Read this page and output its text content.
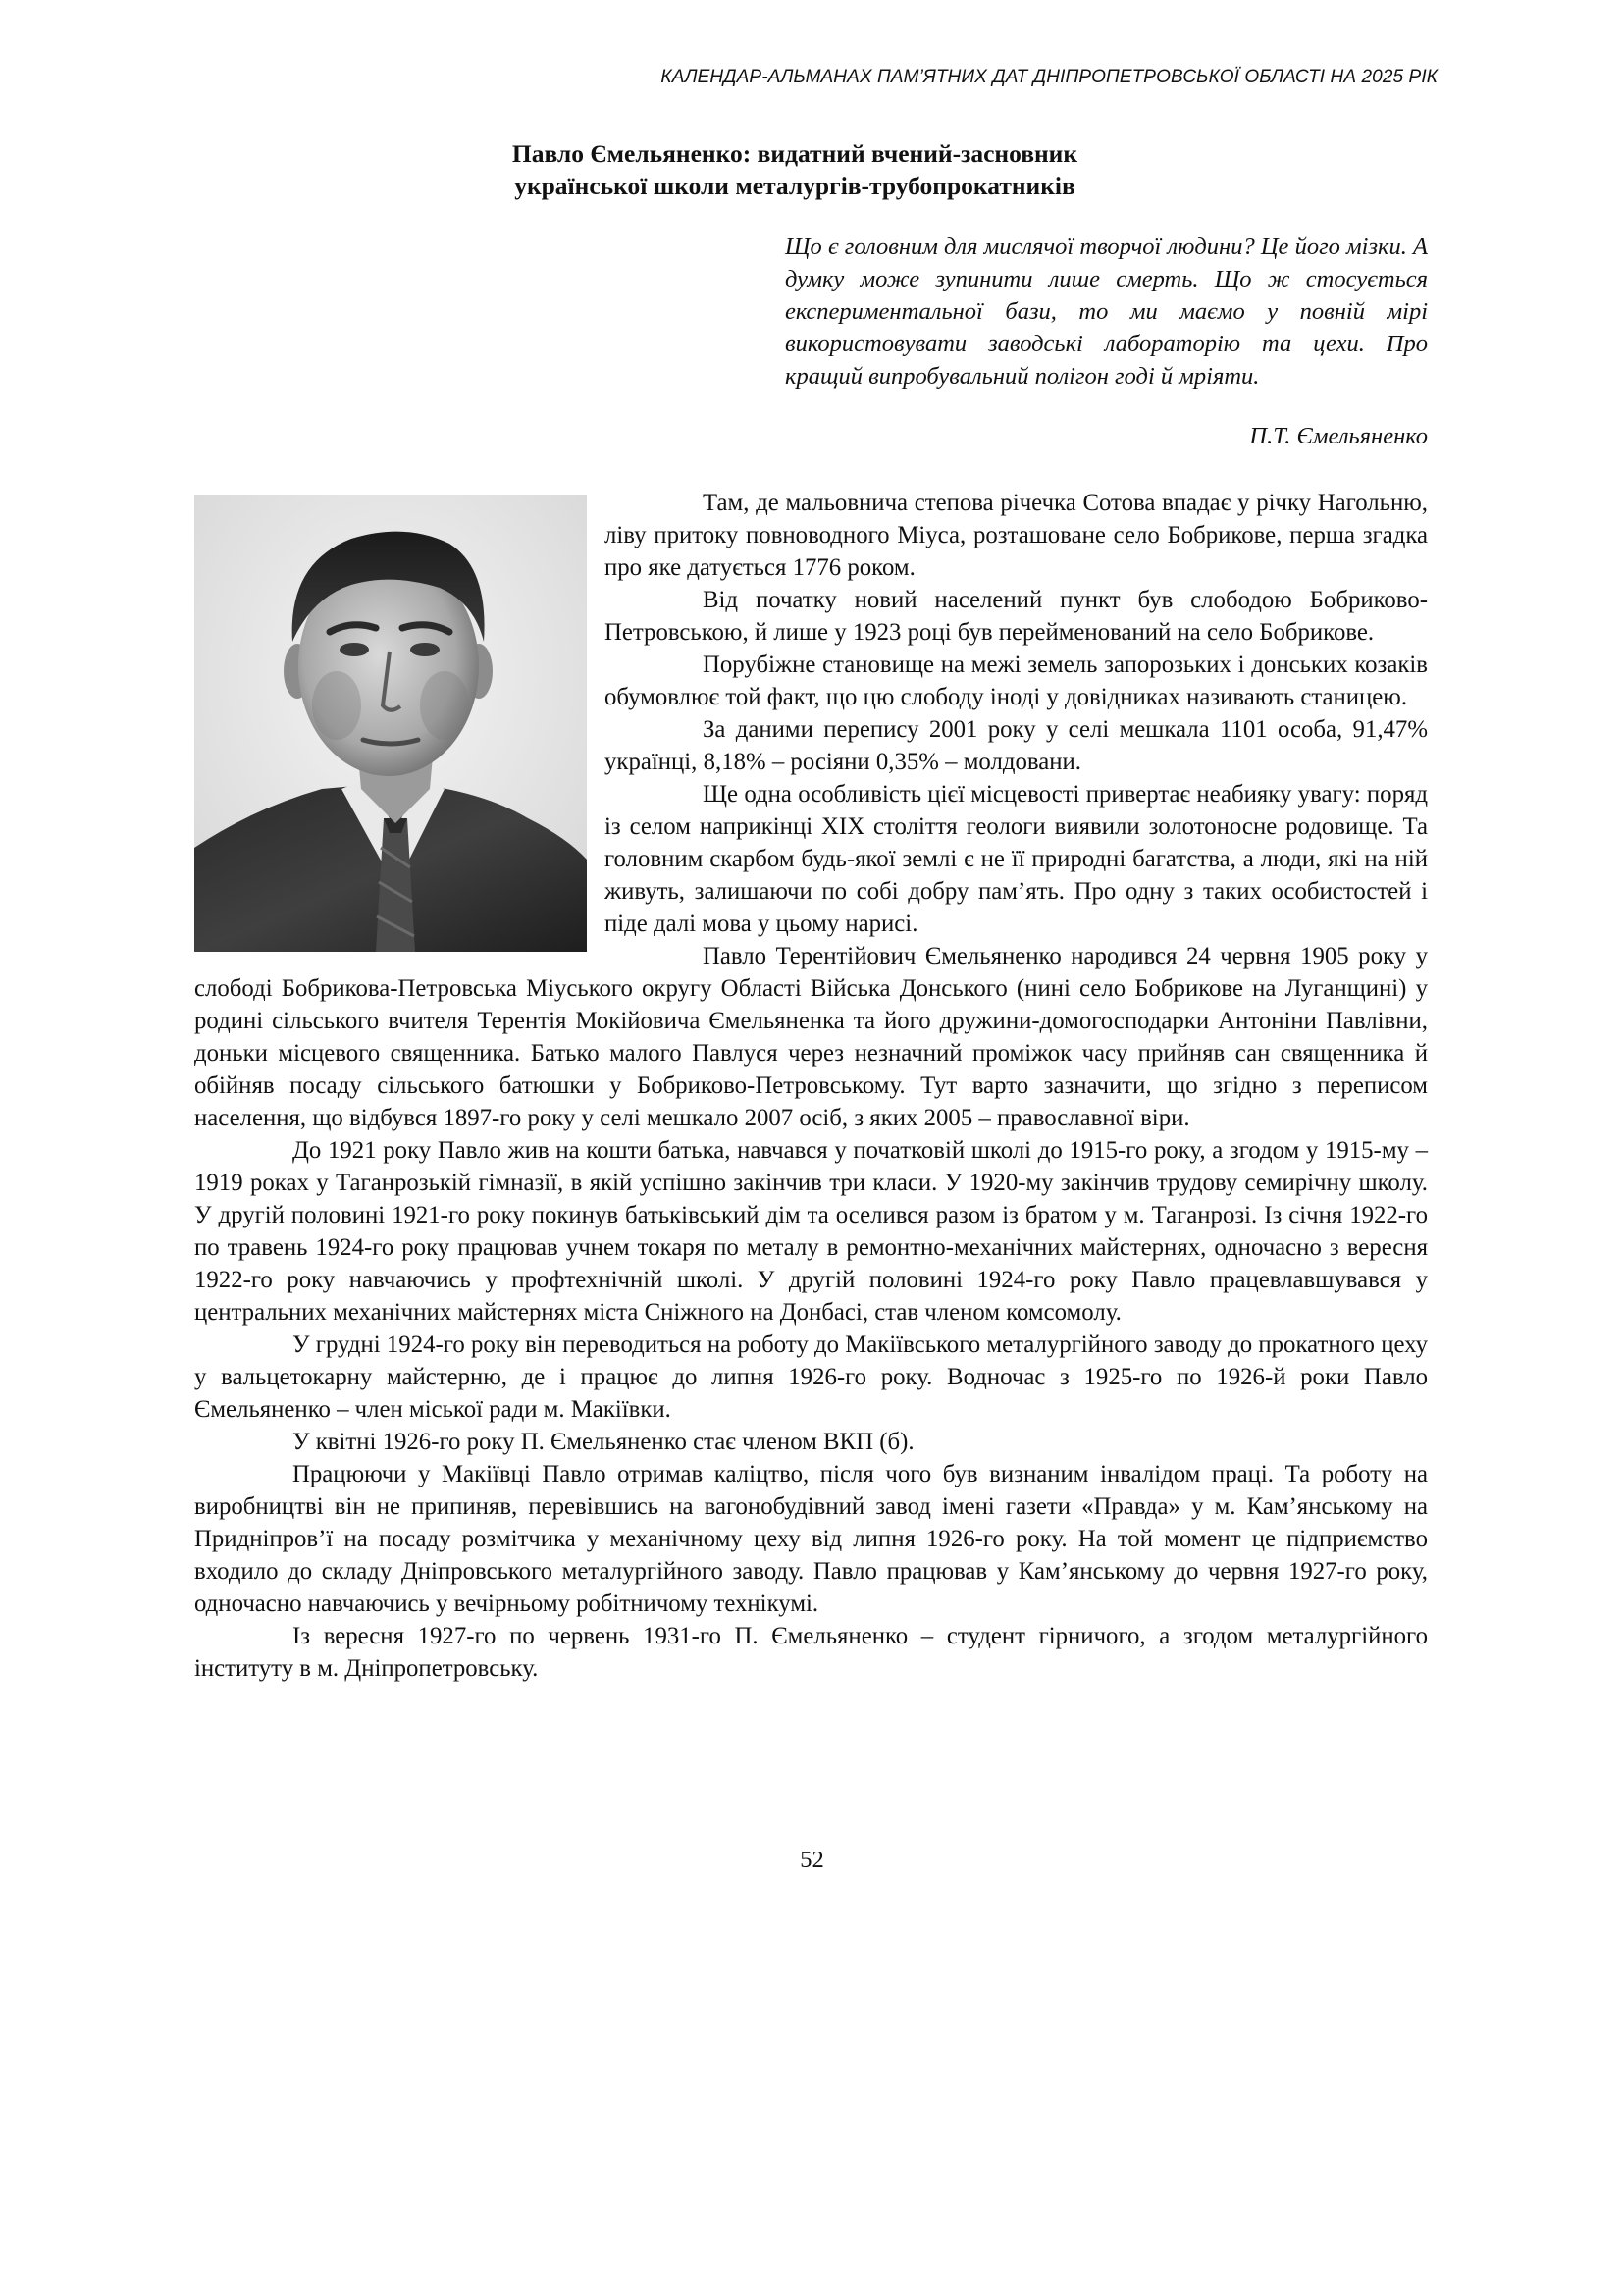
КАЛЕНДАР-АЛЬМАНАХ ПАМ’ЯТНИХ ДАТ ДНІПРОПЕТРОВСЬКОЇ ОБЛАСТІ НА 2025 РІК
Павло Ємельяненко: видатний вчений-засновник
української школи металургів-трубопрокатників
Що є головним для мислячої творчої людини? Це його мізки. А думку може зупинити лише смерть. Що ж стосується експериментальної бази, то ми маємо у повній мірі використовувати заводські лабораторію та цехи. Про кращий випробувальний полігон годі й мріяти.
П.Т. Ємельяненко

Там, де мальовнича степова річечка Сотова впадає у річку Нагольню, ліву притоку повноводного Міуса, розташоване село Бобрикове, перша згадка про яке датується 1776 роком.

Від початку новий населений пункт був слободою Бобриково-Петровською, й лише у 1923 році був перейменований на село Бобрикове.

Порубіжне становище на межі земель запорозьких і донських козаків обумовлює той факт, що цю слободу іноді у довідниках називають станицею.

За даними перепису 2001 року у селі мешкала 1101 особа, 91,47% українці, 8,18% – росіяни 0,35% – молдовани.

Ще одна особливість цієї місцевості привертає неабияку увагу: поряд із селом наприкінці XIX століття геологи виявили золотоносне родовище. Та головним скарбом будь-якої землі є не її природні багатства, а люди, які на ній живуть, залишаючи по собі добру пам’ять. Про одну з таких особистостей і піде далі мова у цьому нарисі.

Павло Терентійович Ємельяненко народився 24 червня 1905 року у слободі Бобрикова-Петровська Міуського округу Області Війська Донського (нині село Бобрикове на Луганщині) у родині сільського вчителя Терентія Мокійовича Ємельяненка та його дружини-домогосподарки Антоніни Павлівни, доньки місцевого священника. Батько малого Павлуся через незначний проміжок часу прийняв сан священника й обійняв посаду сільського батюшки у Бобриково-Петровському. Тут варто зазначити, що згідно з переписом населення, що відбувся 1897-го року у селі мешкало 2007 осіб, з яких 2005 – православної віри.

До 1921 року Павло жив на кошти батька, навчався у початковій школі до 1915-го року, а згодом у 1915-му – 1919 роках у Таганрозькій гімназії, в якій успішно закінчив три класи. У 1920-му закінчив трудову семирічну школу. У другій половині 1921-го року покинув батьківський дім та оселився разом із братом у м. Таганрозі. Із січня 1922-го по травень 1924-го року працював учнем токаря по металу в ремонтно-механічних майстернях, одночасно з вересня 1922-го року навчаючись у профтехнічній школі. У другій половині 1924-го року Павло працевлавшувався у центральних механічних майстернях міста Сніжного на Донбасі, став членом комсомолу.

У грудні 1924-го року він переводиться на роботу до Макіївського металургійного заводу до прокатного цеху у вальцетокарну майстерню, де і працює до липня 1926-го року. Водночас з 1925-го по 1926-й роки Павло Ємельяненко – член міської ради м. Макіївки.

У квітні 1926-го року П. Ємельяненко стає членом ВКП (б).

Працюючи у Макіївці Павло отримав каліцтво, після чого був визнаним інвалідом праці. Та роботу на виробництві він не припиняв, перевівшись на вагонобудівний завод імені газети «Правда» у м. Кам’янському на Придніпров’ї на посаду розмітчика у механічному цеху від липня 1926-го року. На той момент це підприємство входило до складу Дніпровського металургійного заводу. Павло працював у Кам’янському до червня 1927-го року, одночасно навчаючись у вечірньому робітничому технікумі.

Із вересня 1927-го по червень 1931-го П. Ємельяненко – студент гірничого, а згодом металургійного інституту в м. Дніпропетровську.

52
